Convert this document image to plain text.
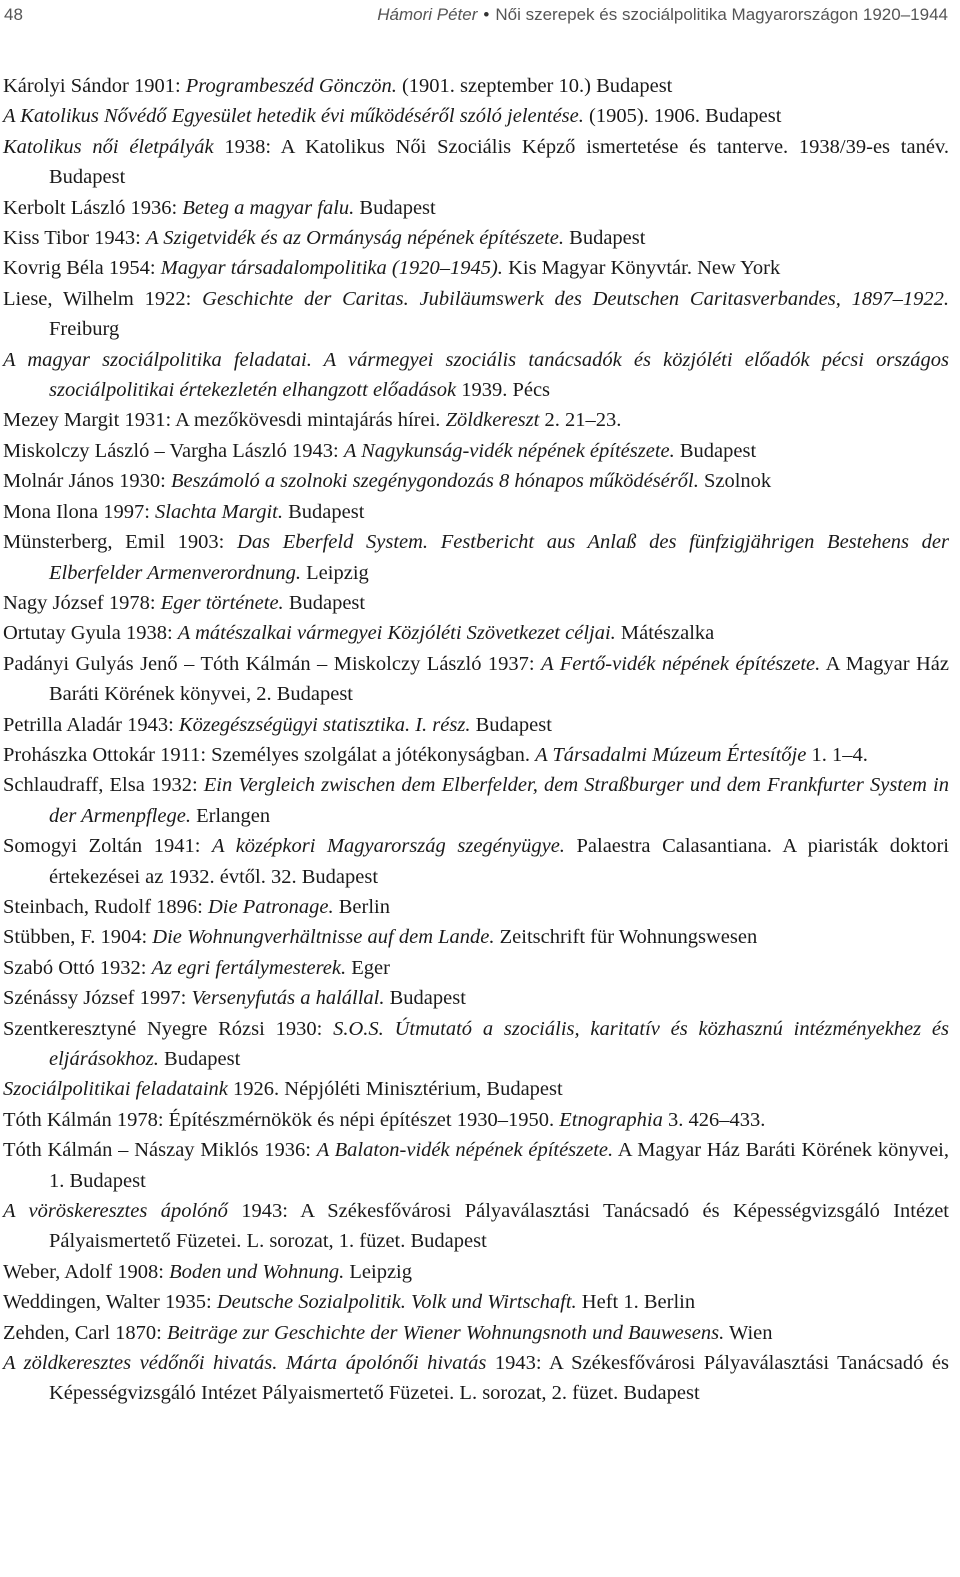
48	Hámori Péter • Női szerepek és szociálpolitika Magyarországon 1920–1944
Károlyi Sándor 1901: Programbeszéd Gönczön. (1901. szeptember 10.) Budapest
A Katolikus Nővédő Egyesület hetedik évi működéséről szóló jelentése. (1905). 1906. Budapest
Katolikus női életpályák 1938: A Katolikus Női Szociális Képző ismertetése és tanterve. 1938/39-es tanév. Budapest
Kerbolt László 1936: Beteg a magyar falu. Budapest
Kiss Tibor 1943: A Szigetvidék és az Ormányság népének építészete. Budapest
Kovrig Béla 1954: Magyar társadalompolitika (1920–1945). Kis Magyar Könyvtár. New York
Liese, Wilhelm 1922: Geschichte der Caritas. Jubiläumswerk des Deutschen Caritasverbandes, 1897–1922. Freiburg
A magyar szociálpolitika feladatai. A vármegyei szociális tanácsadók és közjóléti előadók pécsi országos szociálpolitikai értekezletén elhangzott előadások 1939. Pécs
Mezey Margit 1931: A mezőkövesdi mintajárás hírei. Zöldkereszt 2. 21–23.
Miskolczy László – Vargha László 1943: A Nagykunság-vidék népének építészete. Budapest
Molnár János 1930: Beszámoló a szolnoki szegénygondozás 8 hónapos működéséről. Szolnok
Mona Ilona 1997: Slachta Margit. Budapest
Münsterberg, Emil 1903: Das Eberfeld System. Festbericht aus Anlaß des fünfzigjährigen Bestehens der Elberfelder Armenverordnung. Leipzig
Nagy József 1978: Eger története. Budapest
Ortutay Gyula 1938: A mátészalkai vármegyei Közjóléti Szövetkezet céljai. Mátészalka
Padányi Gulyás Jenő – Tóth Kálmán – Miskolczy László 1937: A Fertő-vidék népének építészete. A Magyar Ház Baráti Körének könyvei, 2. Budapest
Petrilla Aladár 1943: Közegészségügyi statisztika. I. rész. Budapest
Prohászka Ottokár 1911: Személyes szolgálat a jótékonyságban. A Társadalmi Múzeum Értesítője 1. 1–4.
Schlaudraff, Elsa 1932: Ein Vergleich zwischen dem Elberfelder, dem Straßburger und dem Frankfurter System in der Armenpflege. Erlangen
Somogyi Zoltán 1941: A középkori Magyarország szegényügye. Palaestra Calasantiana. A piaristák doktori értekezései az 1932. évtől. 32. Budapest
Steinbach, Rudolf 1896: Die Patronage. Berlin
Stübben, F. 1904: Die Wohnungverhältnisse auf dem Lande. Zeitschrift für Wohnungswesen
Szabó Ottó 1932: Az egri fertálymesterek. Eger
Szénássy József 1997: Versenyfutás a halállal. Budapest
Szentkeresztyné Nyegre Rózsi 1930: S.O.S. Útmutató a szociális, karitatív és közhasznú intézményekhez és eljárásokhoz. Budapest
Szociálpolitikai feladataink 1926. Népjóléti Minisztérium, Budapest
Tóth Kálmán 1978: Építészmérnökök és népi építészet 1930–1950. Etnographia 3. 426–433.
Tóth Kálmán – Nászay Miklós 1936: A Balaton-vidék népének építészete. A Magyar Ház Baráti Körének könyvei, 1. Budapest
A vöröskeresztes ápolónő 1943: A Székesfővárosi Pályaválasztási Tanácsadó és Képességvizsgáló Intézet Pályaismertető Füzetei. L. sorozat, 1. füzet. Budapest
Weber, Adolf 1908: Boden und Wohnung. Leipzig
Weddingen, Walter 1935: Deutsche Sozialpolitik. Volk und Wirtschaft. Heft 1. Berlin
Zehden, Carl 1870: Beiträge zur Geschichte der Wiener Wohnungsnoth und Bauwesens. Wien
A zöldkeresztes védőnői hivatás. Márta ápolónői hivatás 1943: A Székesfővárosi Pályaválasztási Tanácsadó és Képességvizsgáló Intézet Pályaismertető Füzetei. L. sorozat, 2. füzet. Budapest
